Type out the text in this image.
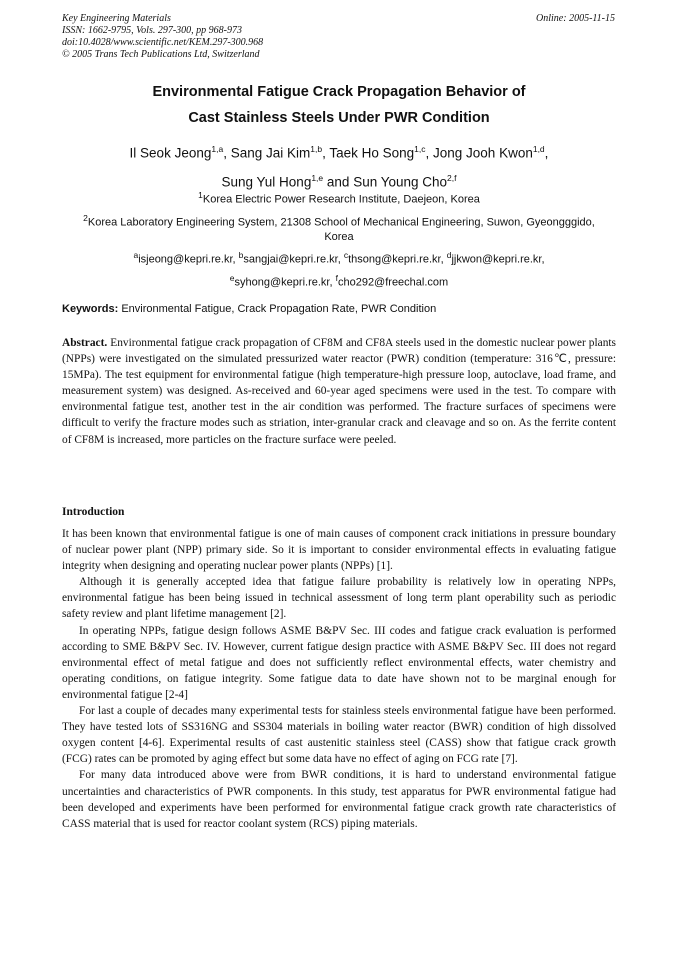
Key Engineering Materials
ISSN: 1662-9795, Vols. 297-300, pp 968-973
doi:10.4028/www.scientific.net/KEM.297-300.968
© 2005 Trans Tech Publications Ltd, Switzerland
Online: 2005-11-15
Environmental Fatigue Crack Propagation Behavior of
Cast Stainless Steels Under PWR Condition
Il Seok Jeong$^{1,a}$, Sang Jai Kim$^{1,b}$, Taek Ho Song$^{1,c}$, Jong Jooh Kwon$^{1,d}$,
Sung Yul Hong$^{1,e}$ and Sun Young Cho$^{2,f}$
$^1$Korea Electric Power Research Institute, Daejeon, Korea
$^2$Korea Laboratory Engineering System, 21308 School of Mechanical Engineering, Suwon, Gyeongggido, Korea
$^a$isjeong@kepri.re.kr, $^b$sangjai@kepri.re.kr, $^c$thsong@kepri.re.kr, $^d$jjkwon@kepri.re.kr,
$^e$syhong@kepri.re.kr, $^f$cho292@freechal.com
Keywords: Environmental Fatigue, Crack Propagation Rate, PWR Condition

Abstract. Environmental fatigue crack propagation of CF8M and CF8A steels used in the domestic nuclear power plants (NPPs) were investigated on the simulated pressurized water reactor (PWR) condition (temperature: 316℃, pressure: 15MPa). The test equipment for environmental fatigue (high temperature-high pressure loop, autoclave, load frame, and measurement system) was designed. As-received and 60-year aged specimens were used in the test. To compare with environmental fatigue test, another test in the air condition was performed. The fracture surfaces of specimens were difficult to verify the fracture modes such as striation, inter-granular crack and cleavage and so on. As the ferrite content of CF8M is increased, more particles on the fracture surface were peeled.

Introduction

It has been known that environmental fatigue is one of main causes of component crack initiations in pressure boundary of nuclear power plant (NPP) primary side. So it is important to consider environmental effects in evaluating fatigue integrity when designing and operating nuclear power plants (NPPs) [1].

Although it is generally accepted idea that fatigue failure probability is relatively low in operating NPPs, environmental fatigue has been being issued in technical assessment of long term plant operability such as periodic safety review and plant lifetime management [2].

In operating NPPs, fatigue design follows ASME B&PV Sec. III codes and fatigue crack evaluation is performed according to SME B&PV Sec. IV. However, current fatigue design practice with ASME B&PV Sec. III does not regard environmental effect of metal fatigue and does not sufficiently reflect environmental effects, water chemistry and operating conditions, on fatigue integrity. Some fatigue data to date have shown not to be marginal enough for environmental fatigue [2-4]

For last a couple of decades many experimental tests for stainless steels environmental fatigue have been performed. They have tested lots of SS316NG and SS304 materials in boiling water reactor (BWR) condition of high dissolved oxygen content [4-6]. Experimental results of cast austenitic stainless steel (CASS) show that fatigue crack growth (FCG) rates can be promoted by aging effect but some data have no effect of aging on FCG rate [7].

For many data introduced above were from BWR conditions, it is hard to understand environmental fatigue uncertainties and characteristics of PWR components. In this study, test apparatus for PWR environmental fatigue had been developed and experiments have been performed for environmental fatigue crack growth rate characteristics of CASS material that is used for reactor coolant system (RCS) piping materials.
